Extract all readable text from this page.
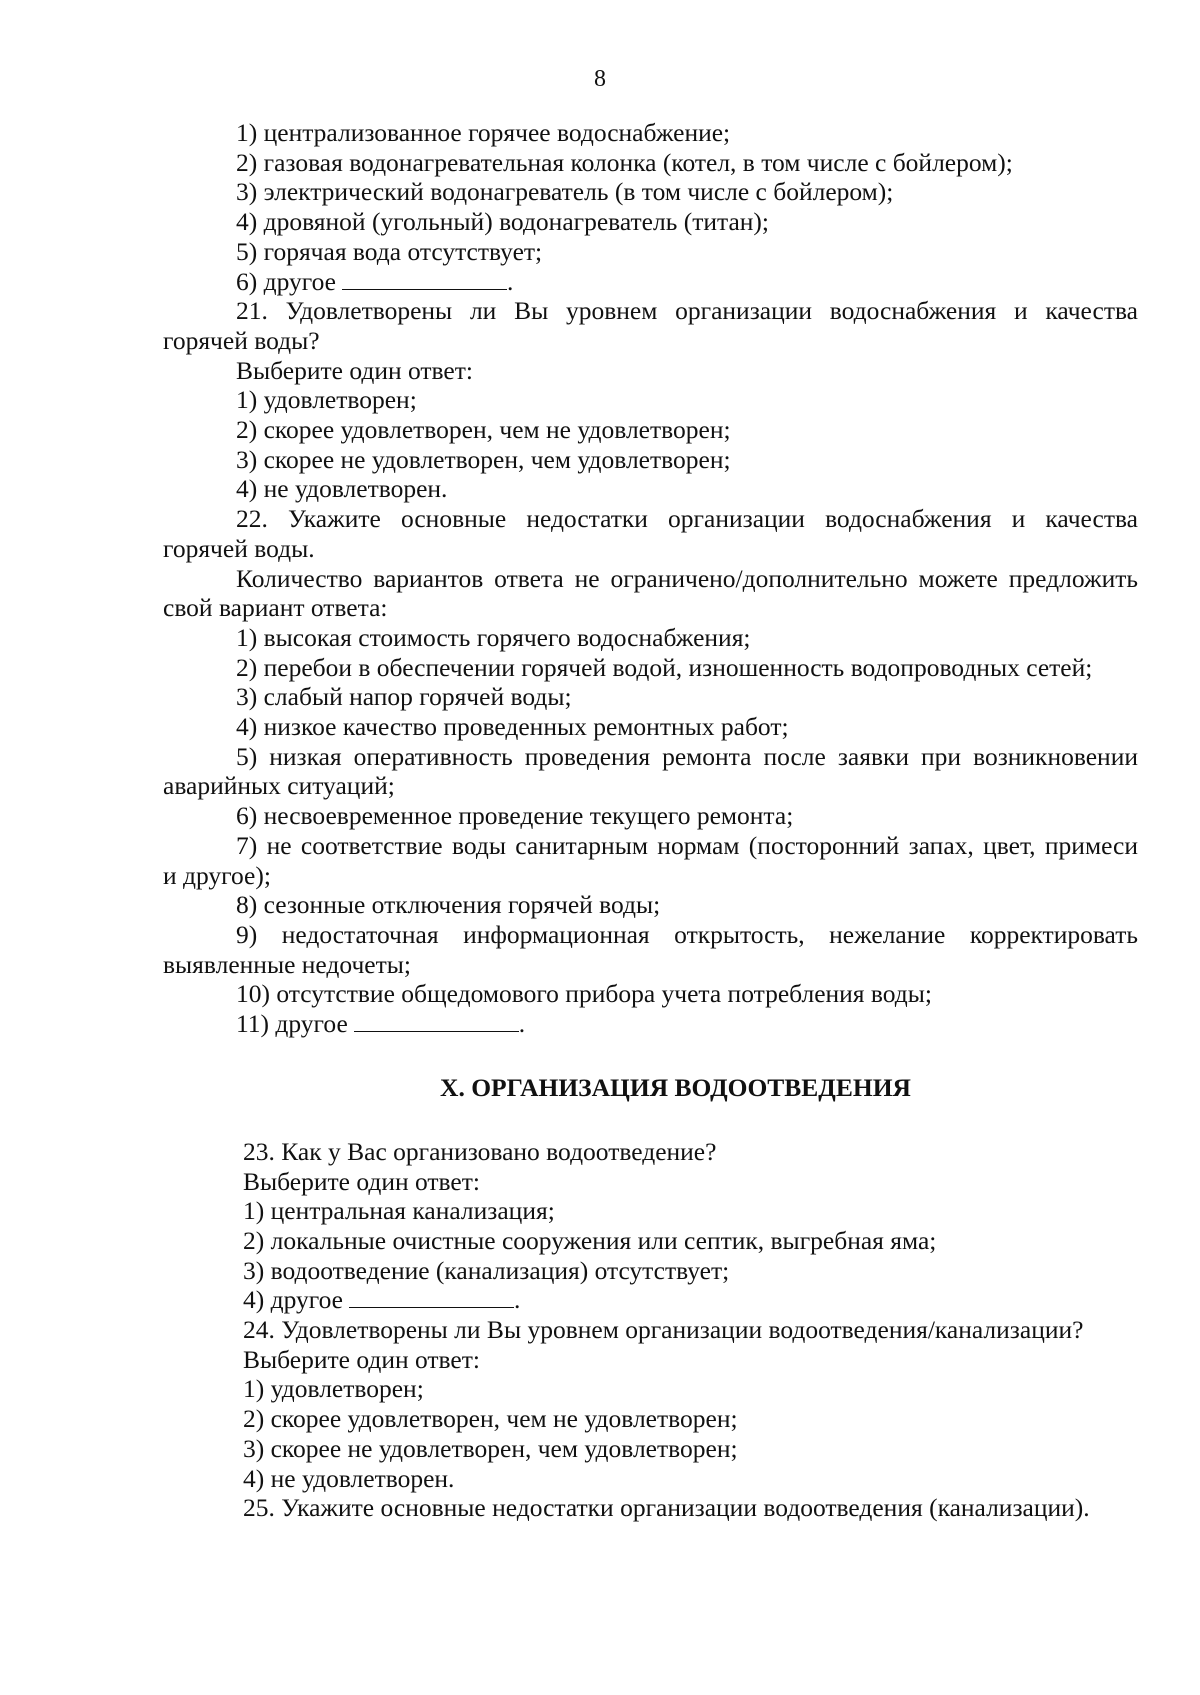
8
1) централизованное горячее водоснабжение;
2) газовая водонагревательная колонка (котел, в том числе с бойлером);
3) электрический водонагреватель (в том числе с бойлером);
4) дровяной (угольный) водонагреватель (титан);
5) горячая вода отсутствует;
6) другое	.
21. Удовлетворены ли Вы уровнем организации водоснабжения и качества
горячей воды?
Выберите один ответ:
1) удовлетворен;
2) скорее удовлетворен, чем не удовлетворен;
3) скорее не удовлетворен, чем удовлетворен;
4) не удовлетворен.
22. Укажите основные недостатки организации водоснабжения и качества
горячей воды.
Количество вариантов ответа не ограничено/дополнительно можете предложить
свой вариант ответа:
1) высокая стоимость горячего водоснабжения;
2) перебои в обеспечении горячей водой, изношенность водопроводных сетей;
3) слабый напор горячей воды;
4) низкое качество проведенных ремонтных работ;
5) низкая оперативность проведения ремонта после заявки при возникновении
аварийных ситуаций;
6) несвоевременное проведение текущего ремонта;
7) не соответствие воды санитарным нормам (посторонний запах, цвет, примеси
и другое);
8) сезонные отключения горячей воды;
9) недостаточная информационная открытость, нежелание корректировать
выявленные недочеты;
10) отсутствие общедомового прибора учета потребления воды;
11) другое	.
X. ОРГАНИЗАЦИЯ ВОДООТВЕДЕНИЯ
23. Как у Вас организовано водоотведение?
Выберите один ответ:
1) центральная канализация;
2) локальные очистные сооружения или септик, выгребная яма;
3) водоотведение (канализация) отсутствует;
4) другое	.
24. Удовлетворены ли Вы уровнем организации водоотведения/канализации?
Выберите один ответ:
1) удовлетворен;
2) скорее удовлетворен, чем не удовлетворен;
3) скорее не удовлетворен, чем удовлетворен;
4) не удовлетворен.
25. Укажите основные недостатки организации водоотведения (канализации).
